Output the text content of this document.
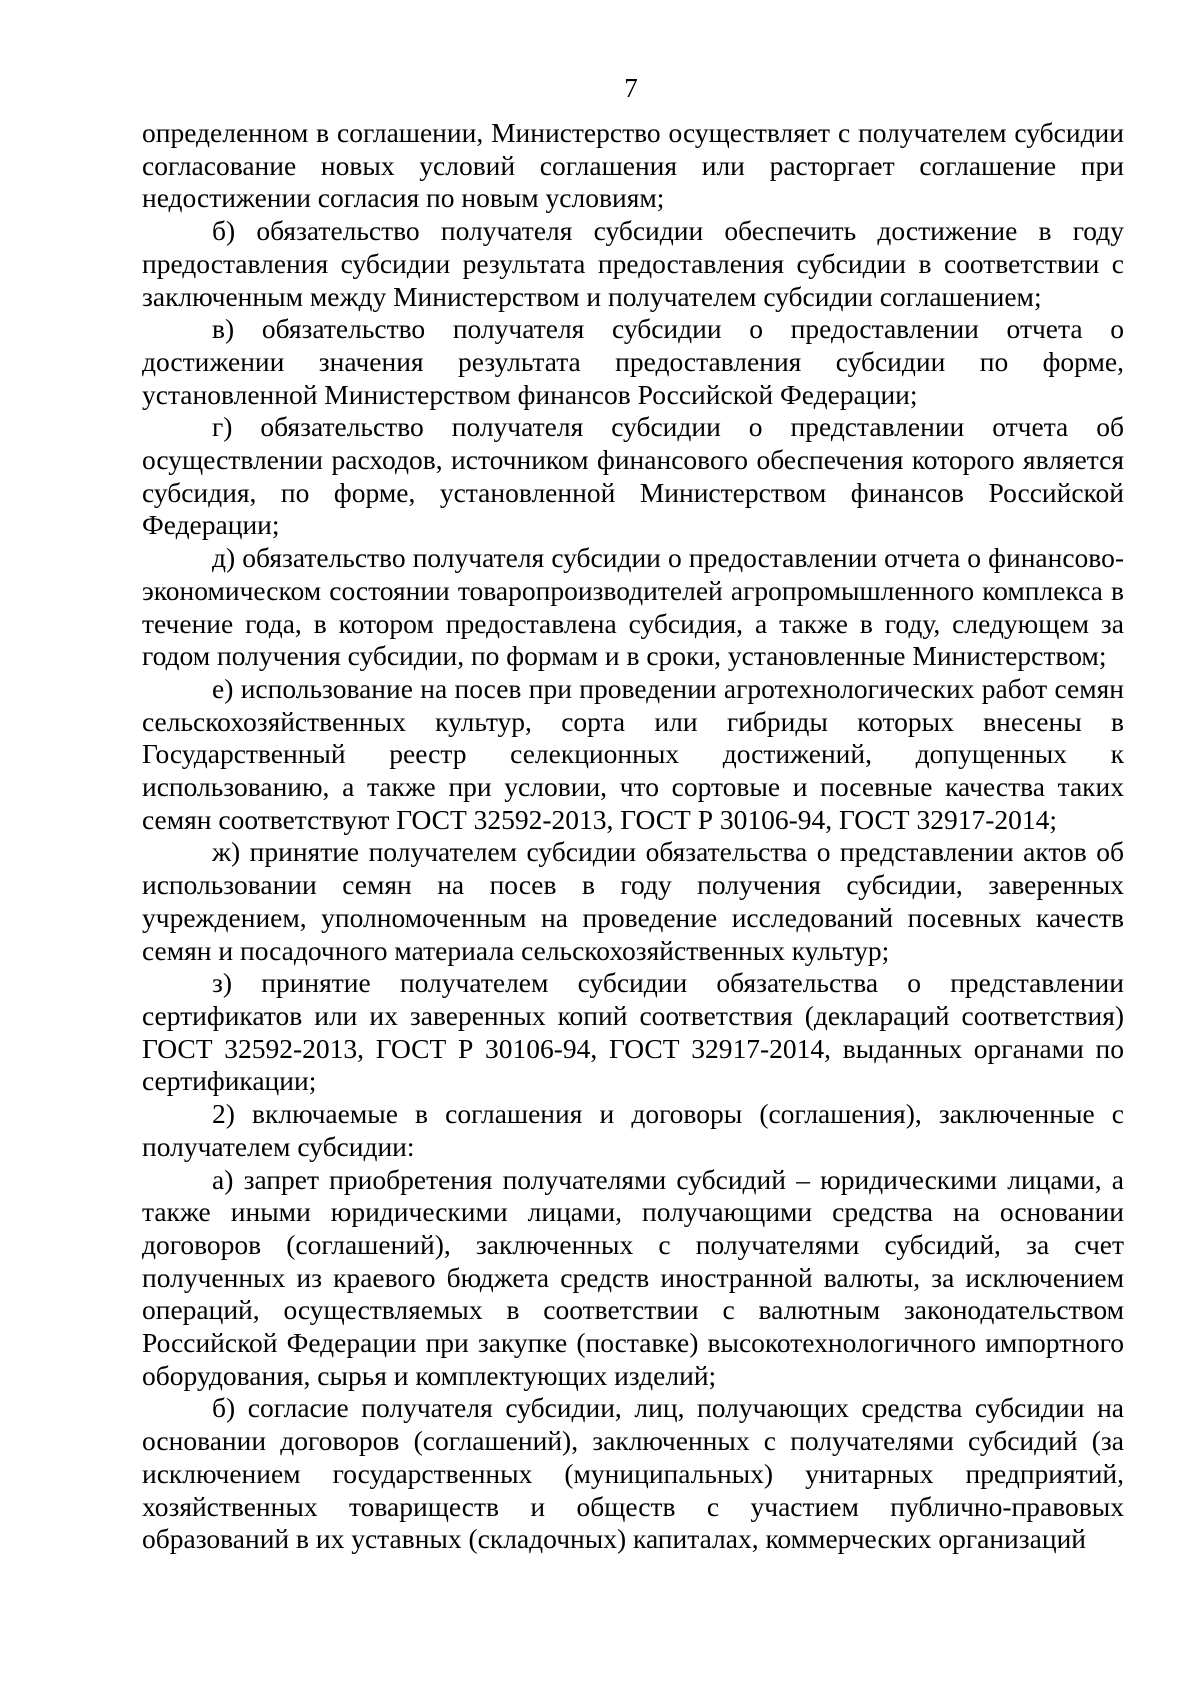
7

определенном в соглашении, Министерство осуществляет с получателем субсидии согласование новых условий соглашения или расторгает соглашение при недостижении согласия по новым условиям;

б) обязательство получателя субсидии обеспечить достижение в году предоставления субсидии результата предоставления субсидии в соответствии с заключенным между Министерством и получателем субсидии соглашением;

в) обязательство получателя субсидии о предоставлении отчета о достижении значения результата предоставления субсидии по форме, установленной Министерством финансов Российской Федерации;

г) обязательство получателя субсидии о представлении отчета об осуществлении расходов, источником финансового обеспечения которого является субсидия, по форме, установленной Министерством финансов Российской Федерации;

д) обязательство получателя субсидии о предоставлении отчета о финансово-экономическом состоянии товаропроизводителей агропромышленного комплекса в течение года, в котором предоставлена субсидия, а также в году, следующем за годом получения субсидии, по формам и в сроки, установленные Министерством;

е) использование на посев при проведении агротехнологических работ семян сельскохозяйственных культур, сорта или гибриды которых внесены в Государственный реестр селекционных достижений, допущенных к использованию, а также при условии, что сортовые и посевные качества таких семян соответствуют ГОСТ 32592-2013, ГОСТ Р 30106-94, ГОСТ 32917-2014;

ж) принятие получателем субсидии обязательства о представлении актов об использовании семян на посев в году получения субсидии, заверенных учреждением, уполномоченным на проведение исследований посевных качеств семян и посадочного материала сельскохозяйственных культур;

з) принятие получателем субсидии обязательства о представлении сертификатов или их заверенных копий соответствия (деклараций соответствия) ГОСТ 32592-2013, ГОСТ Р 30106-94, ГОСТ 32917-2014, выданных органами по сертификации;

2) включаемые в соглашения и договоры (соглашения), заключенные с получателем субсидии:

а) запрет приобретения получателями субсидий – юридическими лицами, а также иными юридическими лицами, получающими средства на основании договоров (соглашений), заключенных с получателями субсидий, за счет полученных из краевого бюджета средств иностранной валюты, за исключением операций, осуществляемых в соответствии с валютным законодательством Российской Федерации при закупке (поставке) высокотехнологичного импортного оборудования, сырья и комплектующих изделий;

б) согласие получателя субсидии, лиц, получающих средства субсидии на основании договоров (соглашений), заключенных с получателями субсидий (за исключением государственных (муниципальных) унитарных предприятий, хозяйственных товариществ и обществ с участием публично-правовых образований в их уставных (складочных) капиталах, коммерческих организаций
